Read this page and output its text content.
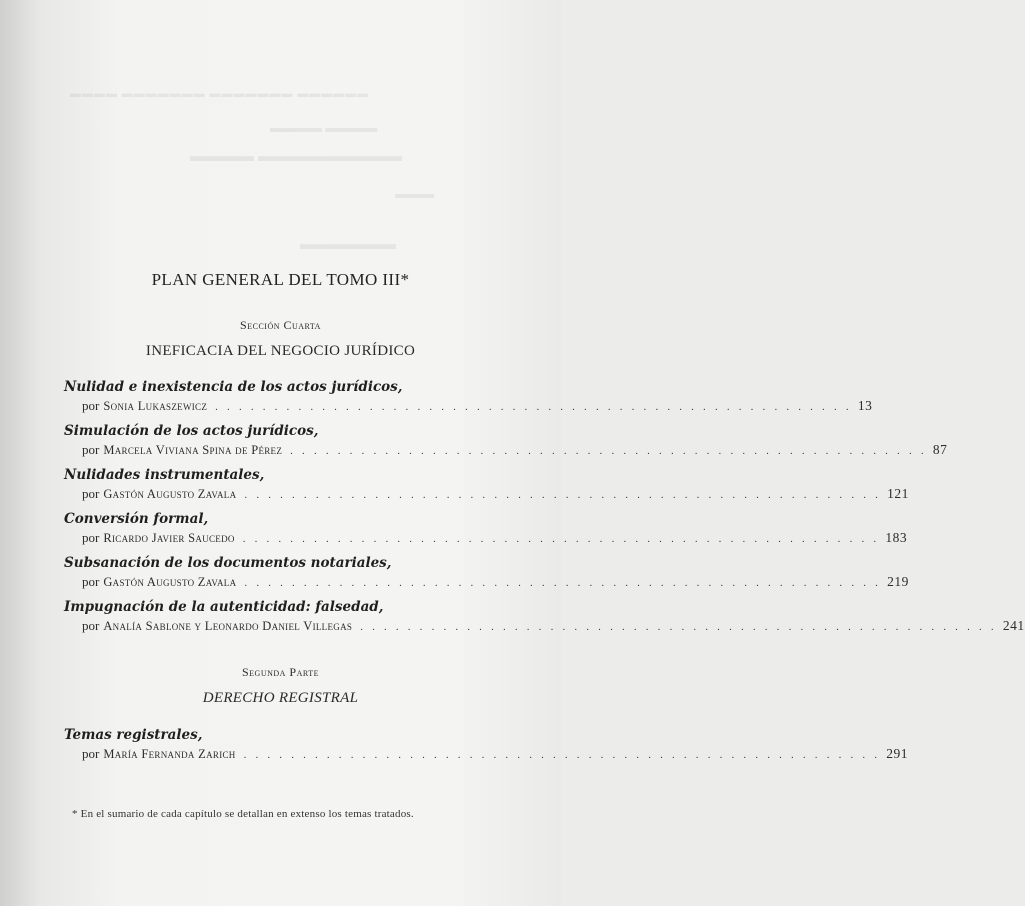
▬▬▬▬ ▬▬▬▬▬▬▬ ▬▬▬▬▬▬▬ ▬▬▬▬▬▬
▬▬▬▬ ▬▬▬▬
▬▬▬▬ ▬▬▬▬▬▬▬▬▬
▬▬▬
▬▬▬▬▬▬
PLAN GENERAL DEL TOMO III*
Sección Cuarta
INEFICACIA DEL NEGOCIO JURÍDICO
Nulidad e inexistencia de los actos jurídicos,
por Sonia Lukaszewicz . . . . . . . . . . . . . . . . . . . . . . . . . . . . . . . . . . . . . . . . . . . . . . . . . . . . . . 13
Simulación de los actos jurídicos,
por Marcela Viviana Spina de Pérez . . . . . . . . . . . . . . . . . . . . . . . . . . . . . . . . . . . . . . . . . . . . . . . . . . . . . . 87
Nulidades instrumentales,
por Gastón Augusto Zavala . . . . . . . . . . . . . . . . . . . . . . . . . . . . . . . . . . . . . . . . . . . . . . . . . . . . . . 121
Conversión formal,
por Ricardo Javier Saucedo . . . . . . . . . . . . . . . . . . . . . . . . . . . . . . . . . . . . . . . . . . . . . . . . . . . . . . 183
Subsanación de los documentos notariales,
por Gastón Augusto Zavala . . . . . . . . . . . . . . . . . . . . . . . . . . . . . . . . . . . . . . . . . . . . . . . . . . . . . . 219
Impugnación de la autenticidad: falsedad,
por Analía Sablone y Leonardo Daniel Villegas . . . . . . . . . . . . . . . . . . . . . . . . . . . . . . . . . . . . . . . . . . . . . . . . . . . . . . 241
Segunda Parte
DERECHO REGISTRAL
Temas registrales,
por María Fernanda Zarich . . . . . . . . . . . . . . . . . . . . . . . . . . . . . . . . . . . . . . . . . . . . . . . . . . . . . . 291
* En el sumario de cada capítulo se detallan en extenso los temas tratados.
